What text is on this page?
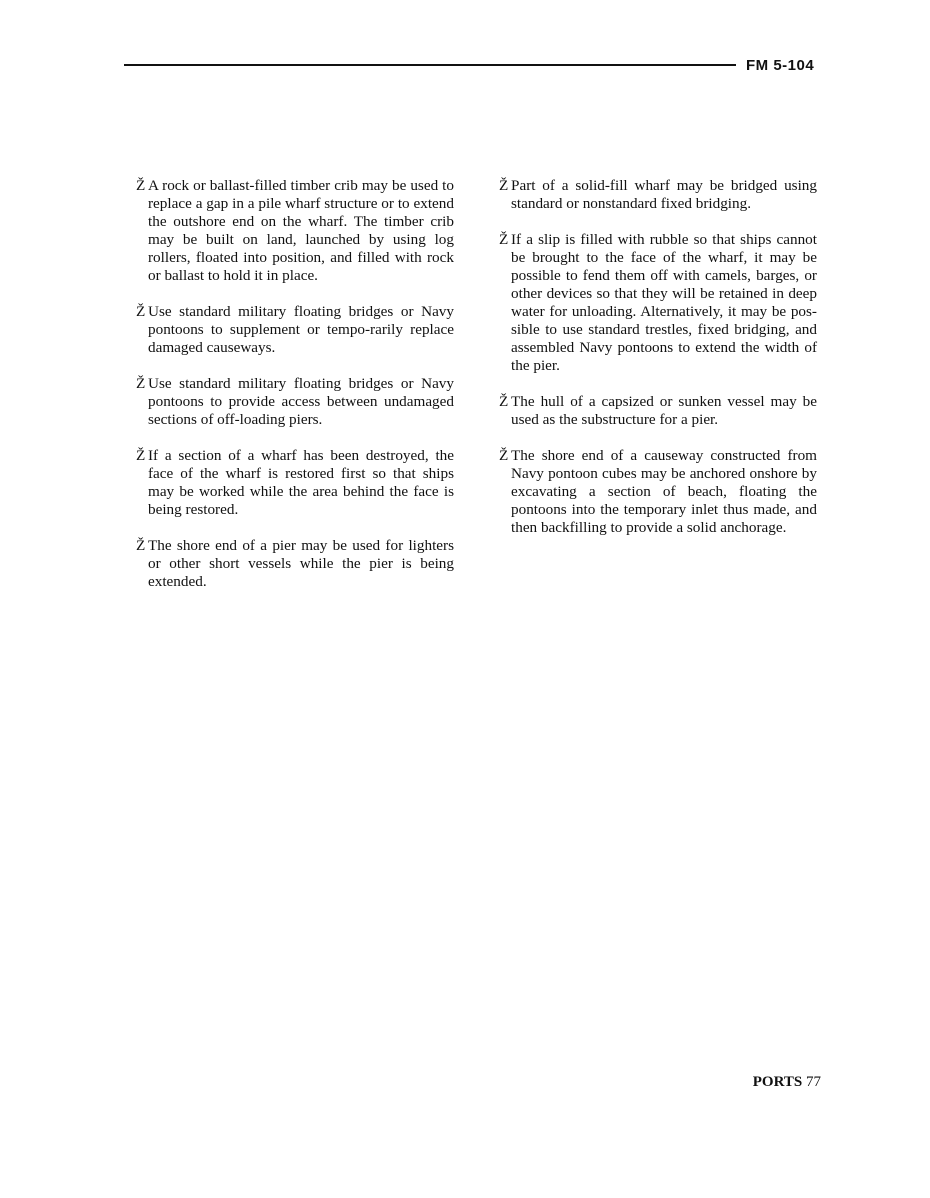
FM 5-104

Ž A rock or ballast-filled timber crib may be used to replace a gap in a pile wharf structure or to extend the outshore end on the wharf. The timber crib may be built on land, launched by using log rollers, floated into position, and filled with rock or ballast to hold it in place.

Ž Use standard military floating bridges or Navy pontoons to supplement or tempo-rarily replace damaged causeways.

Ž Use standard military floating bridges or Navy pontoons to provide access between undamaged sections of off-loading piers.

Ž If a section of a wharf has been destroyed, the face of the wharf is restored first so that ships may be worked while the area behind the face is being restored.

Ž The shore end of a pier may be used for lighters or other short vessels while the pier is being extended.

Ž Part of a solid-fill wharf may be bridged using standard or nonstandard fixed bridging.

Ž If a slip is filled with rubble so that ships cannot be brought to the face of the wharf, it may be possible to fend them off with camels, barges, or other devices so that they will be retained in deep water for unloading. Alternatively, it may be pos-sible to use standard trestles, fixed bridging, and assembled Navy pontoons to extend the width of the pier.

Ž The hull of a capsized or sunken vessel may be used as the substructure for a pier.

Ž The shore end of a causeway constructed from Navy pontoon cubes may be anchored onshore by excavating a section of beach, floating the pontoons into the temporary inlet thus made, and then backfilling to provide a solid anchorage.

PORTS 77
